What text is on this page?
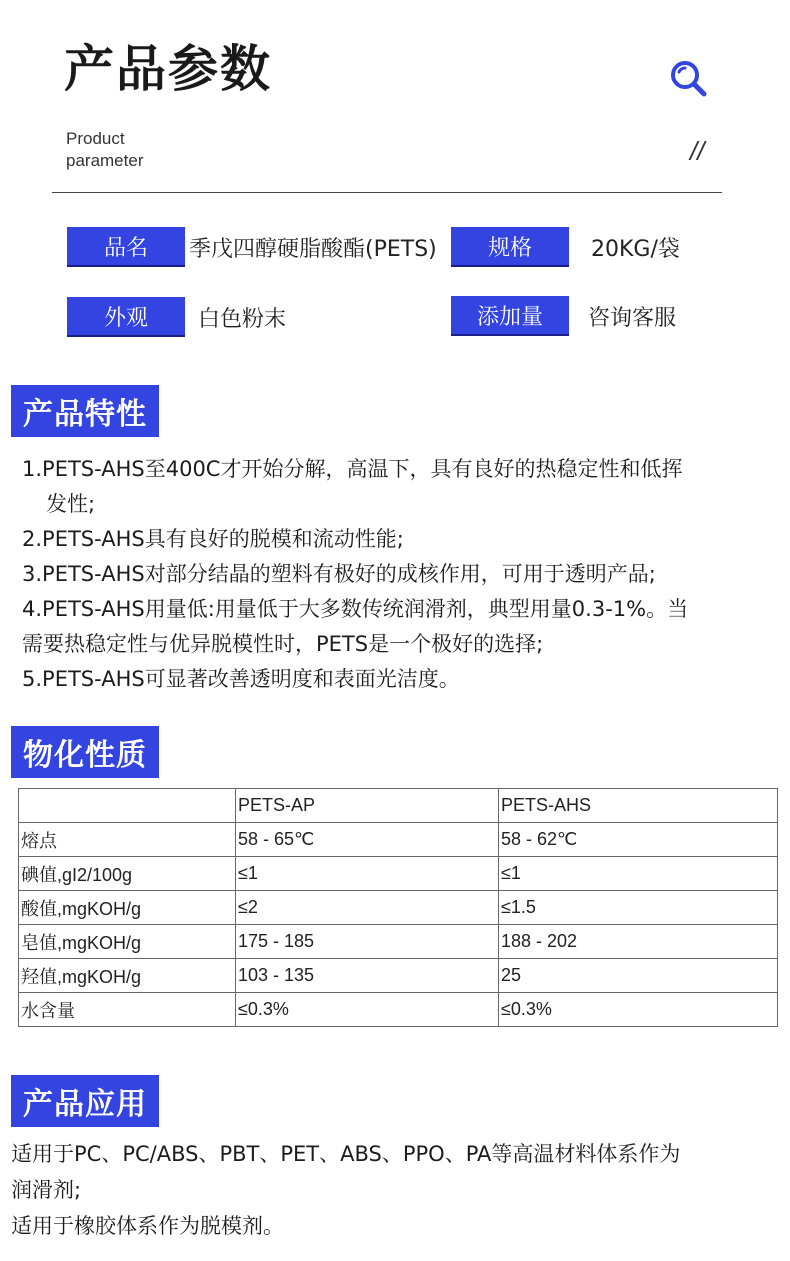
产品参数
Product
parameter	//
品名	季戊四醇硬脂酸酯(PETS)	规格	20KG/袋
外观	白色粉末	添加量	咨询客服
产品特性

1.PETS-AHS至400C才开始分解，高温下，具有良好的热稳定性和低挥

发性;

2.PETS-AHS具有良好的脱模和流动性能;

3.PETS-AHS对部分结晶的塑料有极好的成核作用，可用于透明产品;

4.PETS-AHS用量低:用量低于大多数传统润滑剂，典型用量0.3-1%。当

需要热稳定性与优异脱模性时，PETS是一个极好的选择;

5.PETS-AHS可显著改善透明度和表面光洁度。

物化性质
	PETS-AP	PETS-AHS
熔点	58 - 65℃	58 - 62℃
碘值,gI2/100g	≤1	≤1
酸值,mgKOH/g	≤2	≤1.5
皂值,mgKOH/g	175 - 185	188 - 202
羟值,mgKOH/g	103 - 135	25
水含量	≤0.3%	≤0.3%
产品应用

适用于PC、PC/ABS、PBT、PET、ABS、PPO、PA等高温材料体系作为

润滑剂;

适用于橡胶体系作为脱模剂。
